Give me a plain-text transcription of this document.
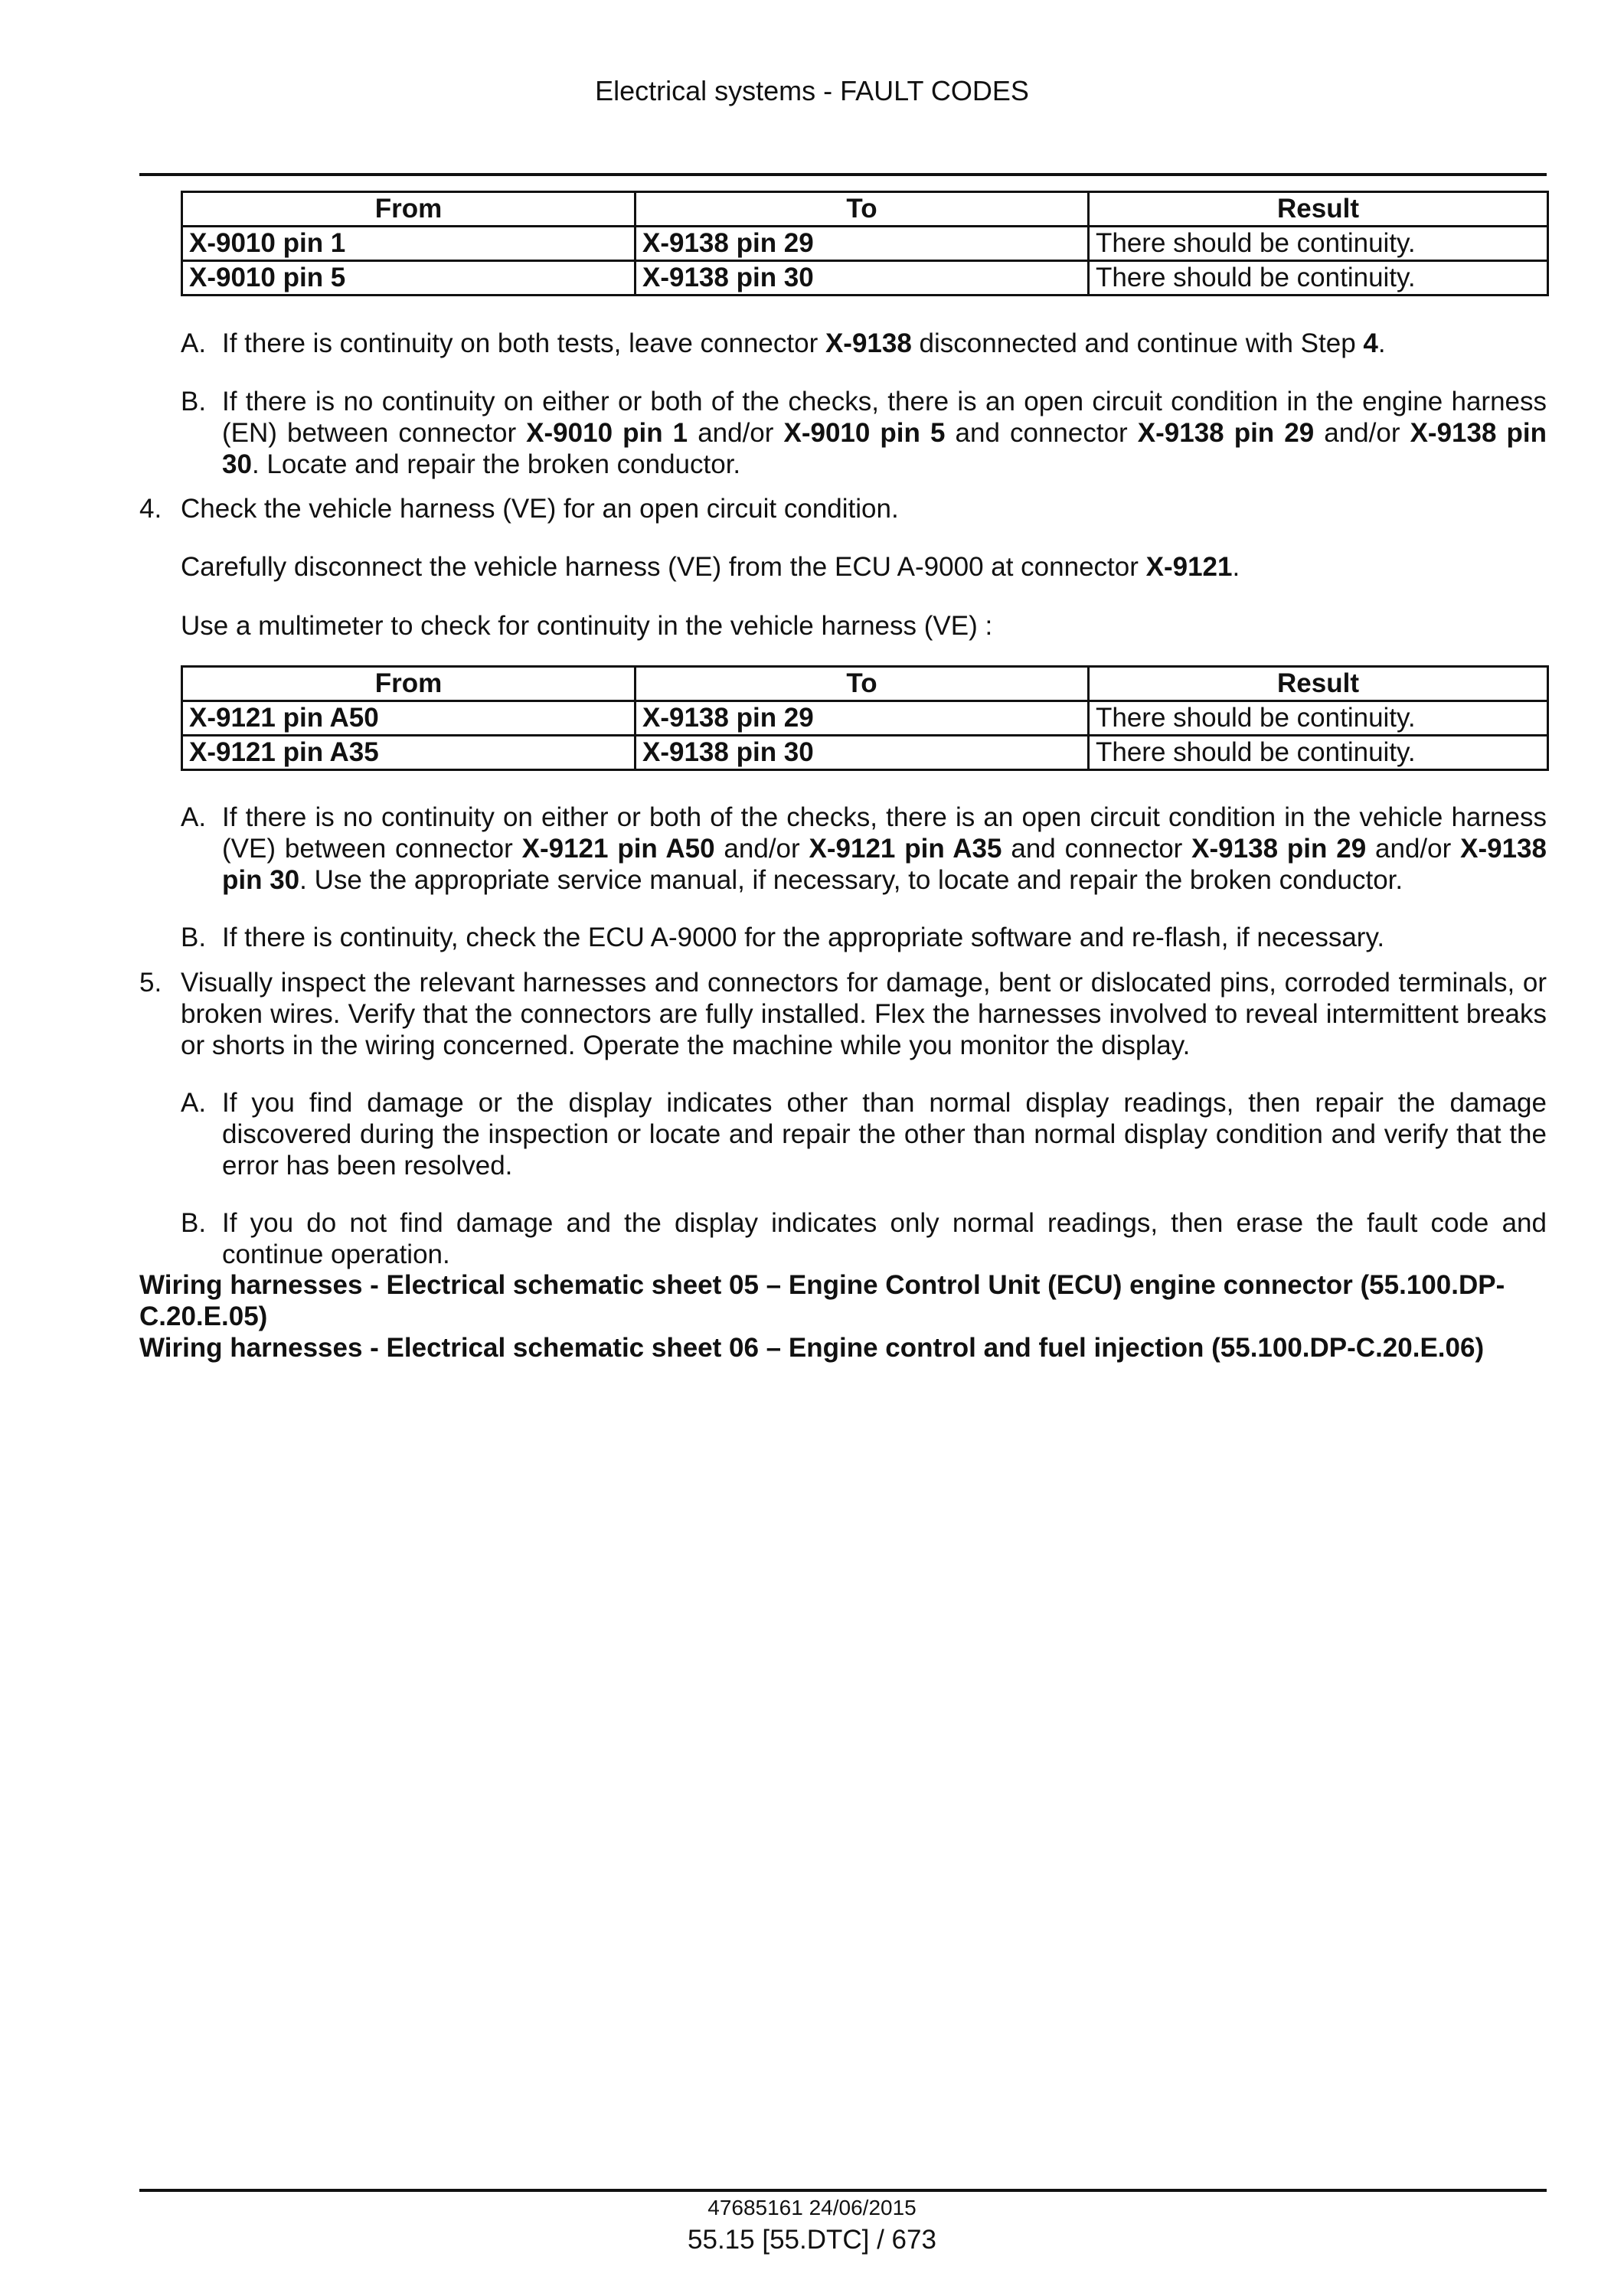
Electrical systems - FAULT CODES
From	To	Result
X-9010 pin 1	X-9138 pin 29	There should be continuity.
X-9010 pin 5	X-9138 pin 30	There should be continuity.
A. If there is continuity on both tests, leave connector X-9138 disconnected and continue with Step 4.
B. If there is no continuity on either or both of the checks, there is an open circuit condition in the engine harness (EN) between connector X-9010 pin 1 and/or X-9010 pin 5 and connector X-9138 pin 29 and/or X-9138 pin 30. Locate and repair the broken conductor.
4. Check the vehicle harness (VE) for an open circuit condition.
Carefully disconnect the vehicle harness (VE) from the ECU A-9000 at connector X-9121.
Use a multimeter to check for continuity in the vehicle harness (VE) :
From	To	Result
X-9121 pin A50	X-9138 pin 29	There should be continuity.
X-9121 pin A35	X-9138 pin 30	There should be continuity.
A. If there is no continuity on either or both of the checks, there is an open circuit condition in the vehicle harness (VE) between connector X-9121 pin A50 and/or X-9121 pin A35 and connector X-9138 pin 29 and/or X-9138 pin 30. Use the appropriate service manual, if necessary, to locate and repair the broken conductor.
B. If there is continuity, check the ECU A-9000 for the appropriate software and re-flash, if necessary.
5. Visually inspect the relevant harnesses and connectors for damage, bent or dislocated pins, corroded terminals, or broken wires. Verify that the connectors are fully installed. Flex the harnesses involved to reveal intermittent breaks or shorts in the wiring concerned. Operate the machine while you monitor the display.
A. If you find damage or the display indicates other than normal display readings, then repair the damage discovered during the inspection or locate and repair the other than normal display condition and verify that the error has been resolved.
B. If you do not find damage and the display indicates only normal readings, then erase the fault code and continue operation.
Wiring harnesses - Electrical schematic sheet 05 – Engine Control Unit (ECU) engine connector (55.100.DP-C.20.E.05)
Wiring harnesses - Electrical schematic sheet 06 – Engine control and fuel injection (55.100.DP-C.20.E.06)
47685161 24/06/2015
55.15 [55.DTC] / 673
